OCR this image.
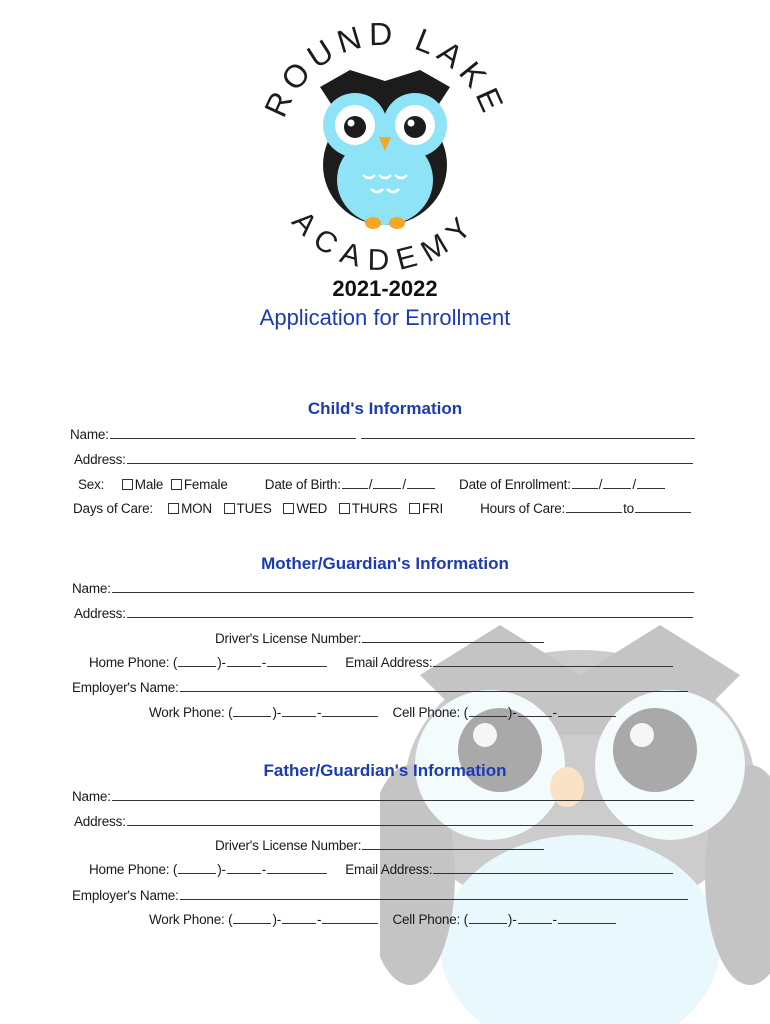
ROUND LAKE
ACADEMY
2021-2022
Application for Enrollment
Child's Information
Name:
Address:
Sex: Male Female	Date of Birth: / /	Date of Enrollment: / /
Days of Care: MON TUES WED THURS FRI	Hours of Care:	to
Mother/Guardian's Information
Name:
Address:
Driver's License Number:
Home Phone: (	)-	-	Email Address:
Employer's Name:
Work Phone: (	)-	-	Cell Phone: (	)-	-
Father/Guardian's Information
Name:
Address:
Driver's License Number:
Home Phone: (	)-	-	Email Address:
Employer's Name:
Work Phone: (	)-	-	Cell Phone: (	)-	-
